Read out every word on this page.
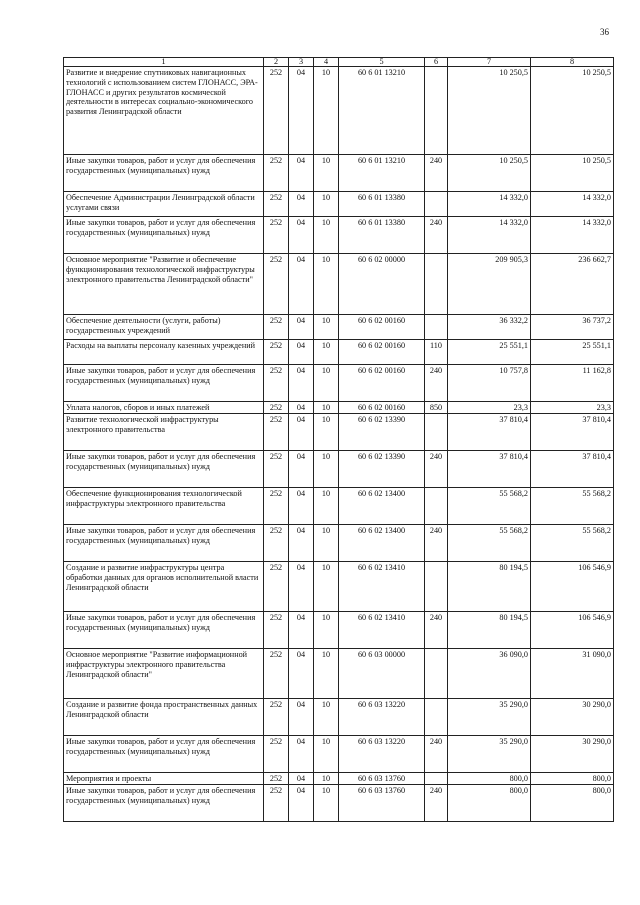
36
1	2	3	4	5	6	7	8
Развитие и внедрение спутниковых навигационных технологий с использованием систем ГЛОНАСС, ЭРА-ГЛОНАСС и других результатов космической деятельности в интересах социально-экономического развития Ленинградской области	252	04	10	60 6 01 13210		10 250,5	10 250,5
Иные закупки товаров, работ и услуг для обеспечения государственных (муниципальных) нужд	252	04	10	60 6 01 13210	240	10 250,5	10 250,5
Обеспечение Администрации Ленинградской области услугами связи	252	04	10	60 6 01 13380		14 332,0	14 332,0
Иные закупки товаров, работ и услуг для обеспечения государственных (муниципальных) нужд	252	04	10	60 6 01 13380	240	14 332,0	14 332,0
Основное мероприятие "Развитие и обеспечение функционирования технологической инфраструктуры электронного правительства Ленинградской области"	252	04	10	60 6 02 00000		209 905,3	236 662,7
Обеспечение деятельности (услуги, работы) государственных учреждений	252	04	10	60 6 02 00160		36 332,2	36 737,2
Расходы на выплаты персоналу казенных учреждений	252	04	10	60 6 02 00160	110	25 551,1	25 551,1
Иные закупки товаров, работ и услуг для обеспечения государственных (муниципальных) нужд	252	04	10	60 6 02 00160	240	10 757,8	11 162,8
Уплата налогов, сборов и иных платежей	252	04	10	60 6 02 00160	850	23,3	23,3
Развитие технологической инфраструктуры электронного правительства	252	04	10	60 6 02 13390		37 810,4	37 810,4
Иные закупки товаров, работ и услуг для обеспечения государственных (муниципальных) нужд	252	04	10	60 6 02 13390	240	37 810,4	37 810,4
Обеспечение функционирования технологической инфраструктуры электронного правительства	252	04	10	60 6 02 13400		55 568,2	55 568,2
Иные закупки товаров, работ и услуг для обеспечения государственных (муниципальных) нужд	252	04	10	60 6 02 13400	240	55 568,2	55 568,2
Создание и развитие инфраструктуры центра обработки данных для органов исполнительной власти Ленинградской области	252	04	10	60 6 02 13410		80 194,5	106 546,9
Иные закупки товаров, работ и услуг для обеспечения государственных (муниципальных) нужд	252	04	10	60 6 02 13410	240	80 194,5	106 546,9
Основное мероприятие "Развитие информационной инфраструктуры электронного правительства Ленинградской области"	252	04	10	60 6 03 00000		36 090,0	31 090,0
Создание и развитие фонда пространственных данных Ленинградской области	252	04	10	60 6 03 13220		35 290,0	30 290,0
Иные закупки товаров, работ и услуг для обеспечения государственных (муниципальных) нужд	252	04	10	60 6 03 13220	240	35 290,0	30 290,0
Мероприятия и проекты	252	04	10	60 6 03 13760		800,0	800,0
Иные закупки товаров, работ и услуг для обеспечения государственных (муниципальных) нужд	252	04	10	60 6 03 13760	240	800,0	800,0
